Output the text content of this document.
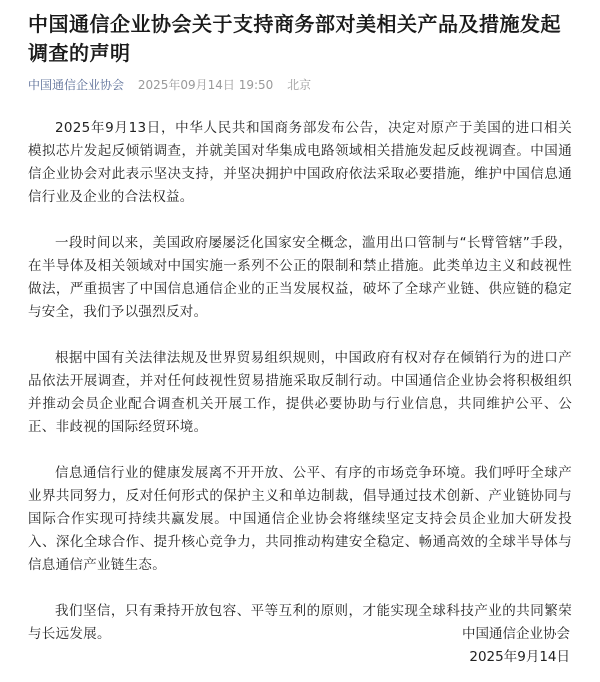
中国通信企业协会关于支持商务部对美相关产品及措施发起调查的声明
中国通信企业协会 2025年09月14日 19:50 北京

2025年9月13日，中华人民共和国商务部发布公告，决定对原产于美国的进口相关模拟芯片发起反倾销调查，并就美国对华集成电路领域相关措施发起反歧视调查。中国通信企业协会对此表示坚决支持，并坚决拥护中国政府依法采取必要措施，维护中国信息通信行业及企业的合法权益。

一段时间以来，美国政府屡屡泛化国家安全概念，滥用出口管制与“长臂管辖”手段，在半导体及相关领域对中国实施一系列不公正的限制和禁止措施。此类单边主义和歧视性做法，严重损害了中国信息通信企业的正当发展权益，破坏了全球产业链、供应链的稳定与安全，我们予以强烈反对。

根据中国有关法律法规及世界贸易组织规则，中国政府有权对存在倾销行为的进口产品依法开展调查，并对任何歧视性贸易措施采取反制行动。中国通信企业协会将积极组织并推动会员企业配合调查机关开展工作，提供必要协助与行业信息，共同维护公平、公正、非歧视的国际经贸环境。

信息通信行业的健康发展离不开开放、公平、有序的市场竞争环境。我们呼吁全球产业界共同努力，反对任何形式的保护主义和单边制裁，倡导通过技术创新、产业链协同与国际合作实现可持续共赢发展。中国通信企业协会将继续坚定支持会员企业加大研发投入、深化全球合作、提升核心竞争力，共同推动构建安全稳定、畅通高效的全球半导体与信息通信产业链生态。

我们坚信，只有秉持开放包容、平等互利的原则，才能实现全球科技产业的共同繁荣与长远发展。	中国通信企业协会
2025年9月14日
